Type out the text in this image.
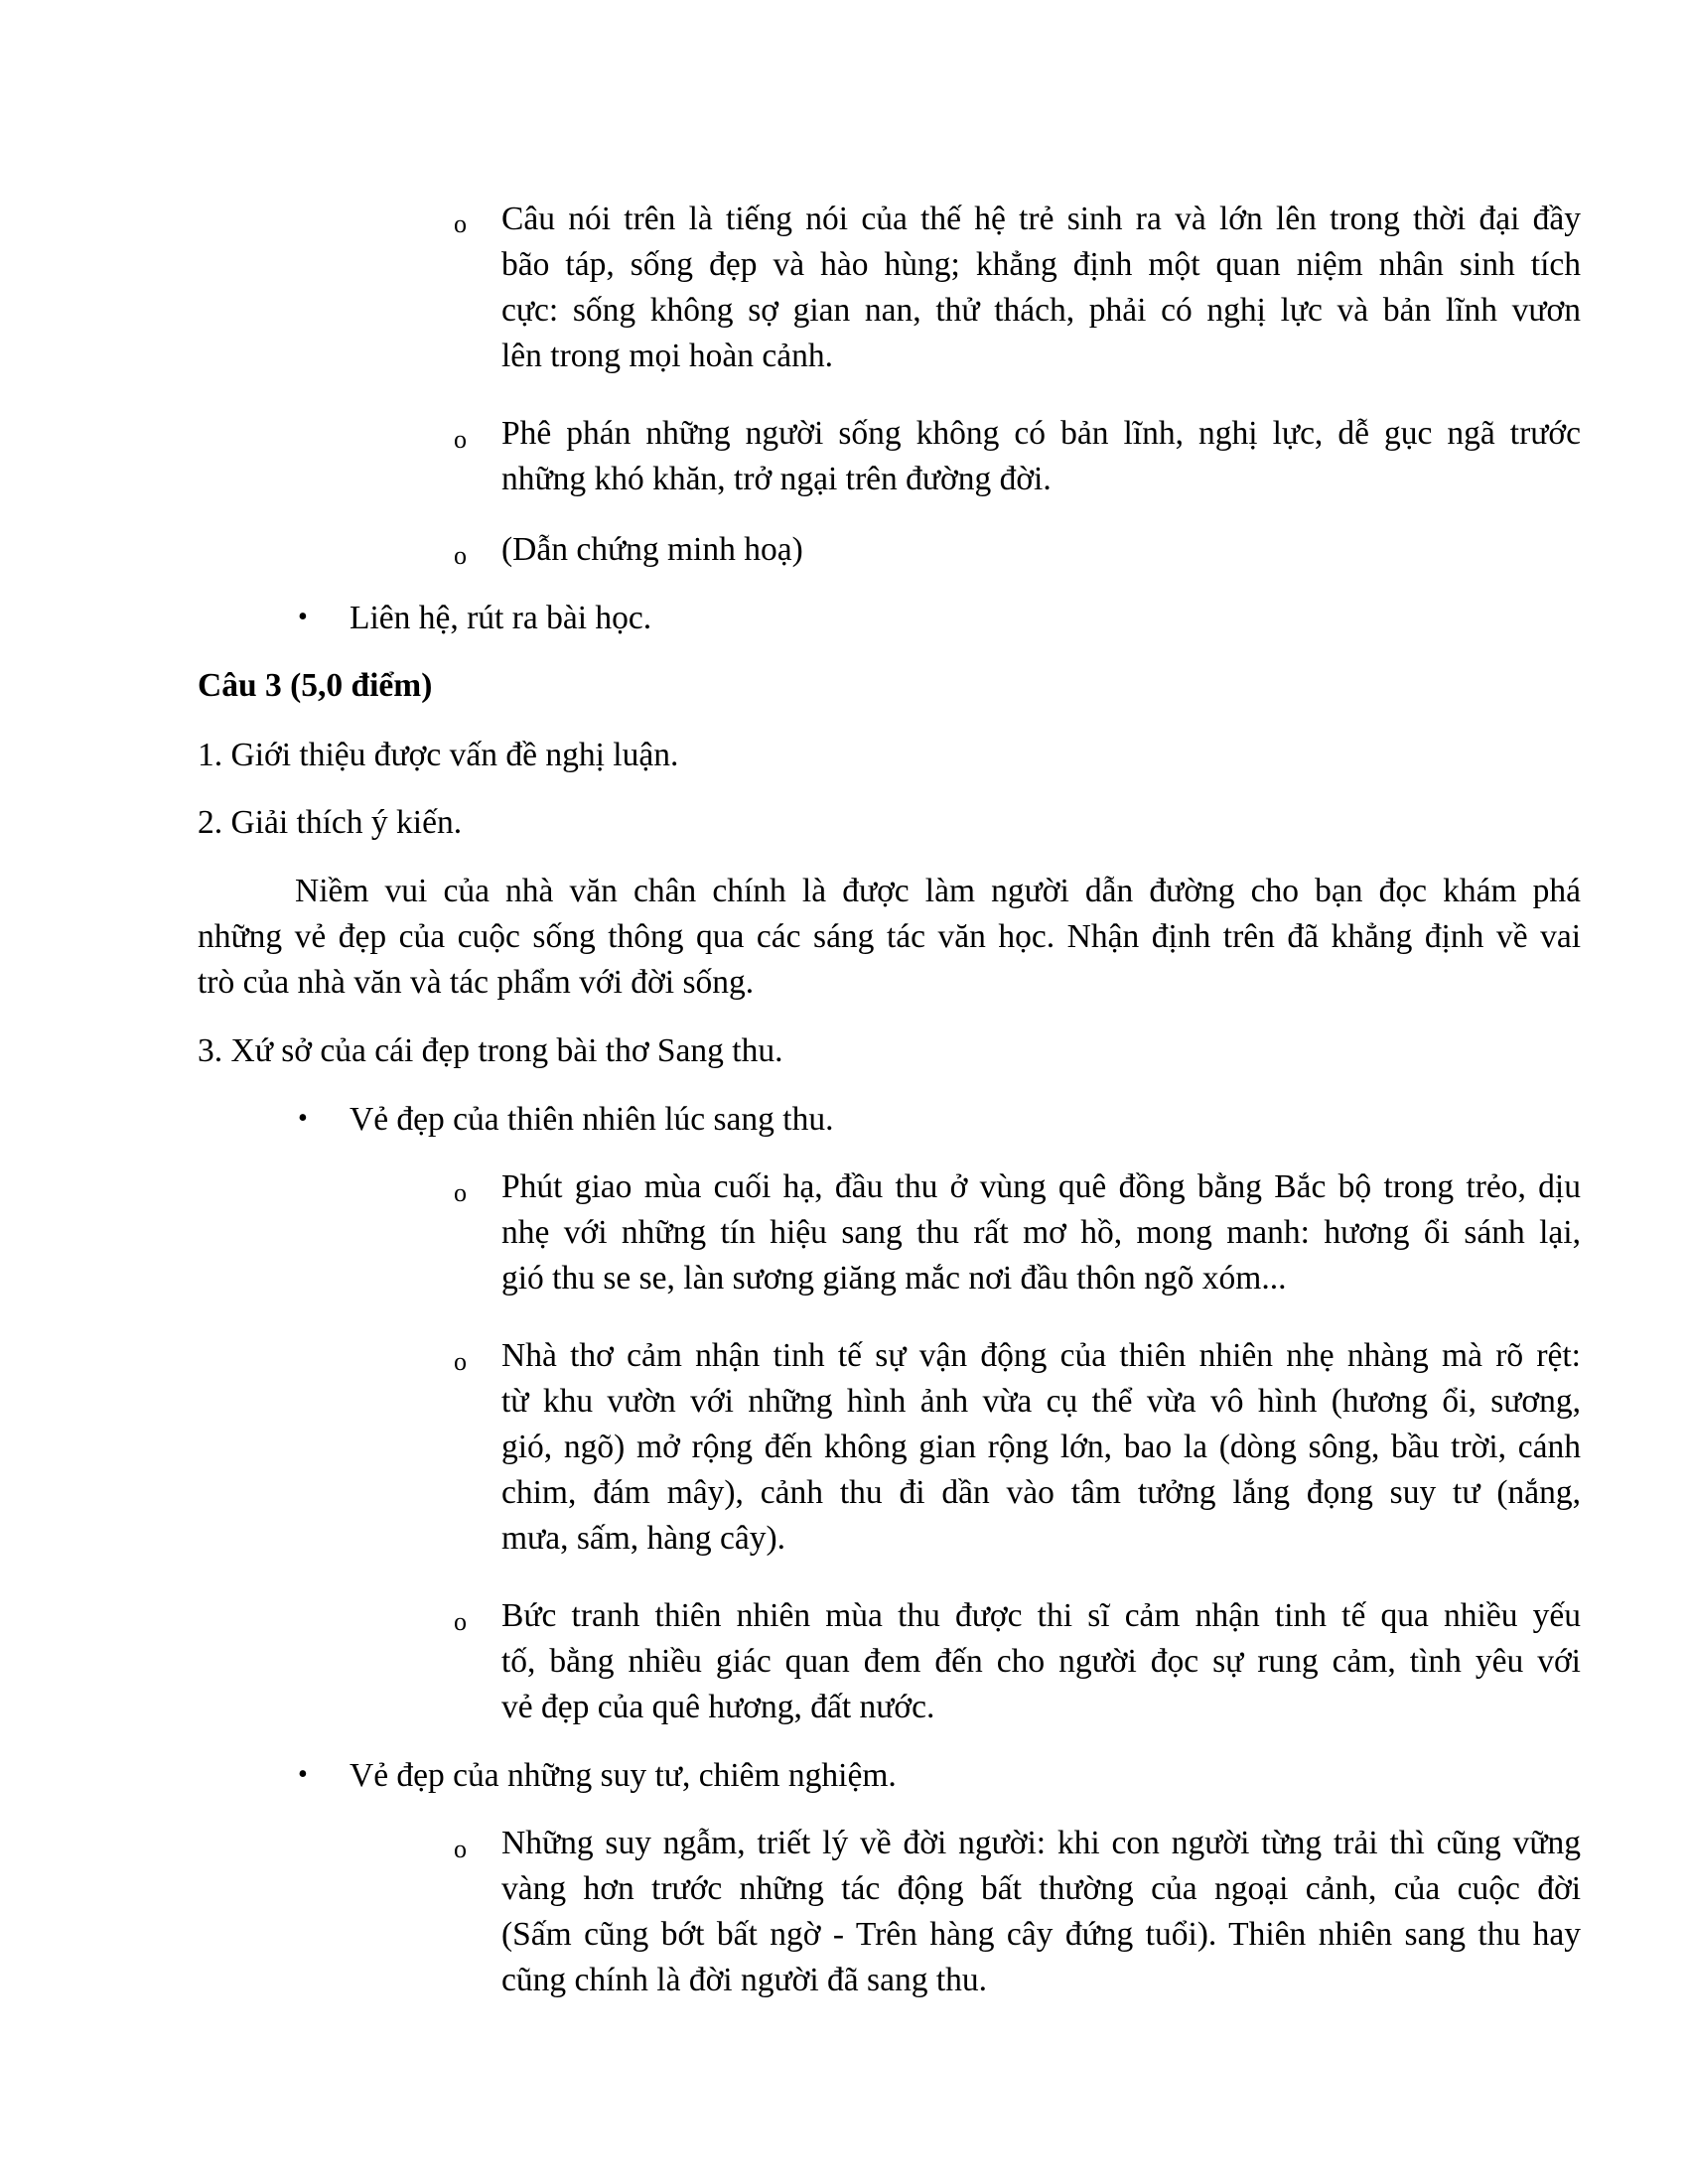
o Câu nói trên là tiếng nói của thế hệ trẻ sinh ra và lớn lên trong thời đại đầy
bão táp, sống đẹp và hào hùng; khẳng định một quan niệm nhân sinh tích
cực: sống không sợ gian nan, thử thách, phải có nghị lực và bản lĩnh vươn
lên trong mọi hoàn cảnh.
o Phê phán những người sống không có bản lĩnh, nghị lực, dễ gục ngã trước
những khó khăn, trở ngại trên đường đời.
o (Dẫn chứng minh hoạ)
• Liên hệ, rút ra bài học.
Câu 3 (5,0 điểm)
1. Giới thiệu được vấn đề nghị luận.
2. Giải thích ý kiến.
Niềm vui của nhà văn chân chính là được làm người dẫn đường cho bạn đọc khám phá
những vẻ đẹp của cuộc sống thông qua các sáng tác văn học. Nhận định trên đã khẳng định về vai
trò của nhà văn và tác phẩm với đời sống.
3. Xứ sở của cái đẹp trong bài thơ Sang thu.
• Vẻ đẹp của thiên nhiên lúc sang thu.
o Phút giao mùa cuối hạ, đầu thu ở vùng quê đồng bằng Bắc bộ trong trẻo, dịu
nhẹ với những tín hiệu sang thu rất mơ hồ, mong manh: hương ổi sánh lại,
gió thu se se, làn sương giăng mắc nơi đầu thôn ngõ xóm...
o Nhà thơ cảm nhận tinh tế sự vận động của thiên nhiên nhẹ nhàng mà rõ rệt:
từ khu vườn với những hình ảnh vừa cụ thể vừa vô hình (hương ổi, sương,
gió, ngõ) mở rộng đến không gian rộng lớn, bao la (dòng sông, bầu trời, cánh
chim, đám mây), cảnh thu đi dần vào tâm tưởng lắng đọng suy tư (nắng,
mưa, sấm, hàng cây).
o Bức tranh thiên nhiên mùa thu được thi sĩ cảm nhận tinh tế qua nhiều yếu
tố, bằng nhiều giác quan đem đến cho người đọc sự rung cảm, tình yêu với
vẻ đẹp của quê hương, đất nước.
• Vẻ đẹp của những suy tư, chiêm nghiệm.
o Những suy ngẫm, triết lý về đời người: khi con người từng trải thì cũng vững
vàng hơn trước những tác động bất thường của ngoại cảnh, của cuộc đời
(Sấm cũng bớt bất ngờ - Trên hàng cây đứng tuổi). Thiên nhiên sang thu hay
cũng chính là đời người đã sang thu.
